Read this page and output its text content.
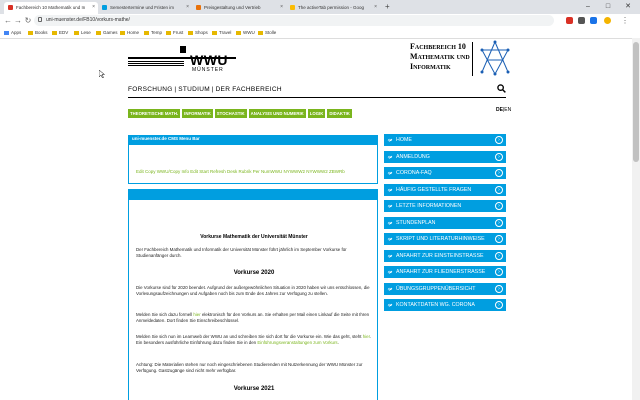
Fachbereich 10 Mathematik und In ×	Semestertermine und Fristen im ×	Preisgestaltung und Vertrieb	×	The activeTab permission - Goog × +	–	□	✕
← → ↻	uni-muenster.de/FB10/vorkurs-mathe/	⋮
Apps	Books	EDV	Lese	Games	Home	Temp	Frust	Shops	Travel	WWU	Stolle
WWU
MÜNSTER
Fachbereich 10
Mathematik und
Informatik
FORSCHUNG | STUDIUM | DER FACHBEREICH
THEORETISCHE MATH. INFORMATIK STOCHASTIK ANALYSIS UND NUMERIK LOGIK DIDAKTIK
DE|EN
uni-muenster.de CMS Menu Bar
Edit Copy WWU/Copy Info Edit Start Refresh Desk Rubrik Per NumWWU NYWWW2 NYWWW2 ZBWRb
Vorkurse Mathematik der Universität Münster
Der Fachbereich Mathematik und Informatik der Universität Münster führt jährlich im September Vorkurse für Studienanfänger durch.
Vorkurse 2020
Die Vorkurse sind für 2020 beendet. Aufgrund der außergewöhnlichen Situation in 2020 haben wir uns entschlossen, die Vorlesungsaufzeichnungen und Aufgaben noch bis zum Ende des Jahres zur Verfügung zu stellen.
Melden Sie sich dazu formell hier elektronisch für den Vorkurs an. Sie erhalten per Mail einen Linkauf die Seite mit Ihren Anmeldedaten. Dort finden Sie Einschreibeschlüssel.
Melden Sie sich nun im Learnweb der WWU an und schreiben Sie sich dort für die Vorkurse ein. Wie das geht, steht hier. Ein besonders ausführliche Einführung dazu finden Sie in den Einführungsveranstaltungen zum Vorkurs.
Achtung: Die Materialien stehen nur noch eingeschriebenen Studierenden mit Nutzerkennung der WWU Münster zur Verfügung. Gastzugänge sind nicht mehr verfügbar.
Vorkurse 2021
HOME	›
ANMELDUNG	›
CORONA-FAQ	›
HÄUFIG GESTELLTE FRAGEN	›
LETZTE INFORMATIONEN	›
STUNDENPLAN	›
SKRIPT UND LITERATURHINWEISE	›
ANFAHRT ZUR EINSTEINSTRASSE	›
ANFAHRT ZUR FLIEDNERSTRASSE	›
ÜBUNGSGRUPPENÜBERSICHT	›
KONTAKTDATEN WG. CORONA	›
